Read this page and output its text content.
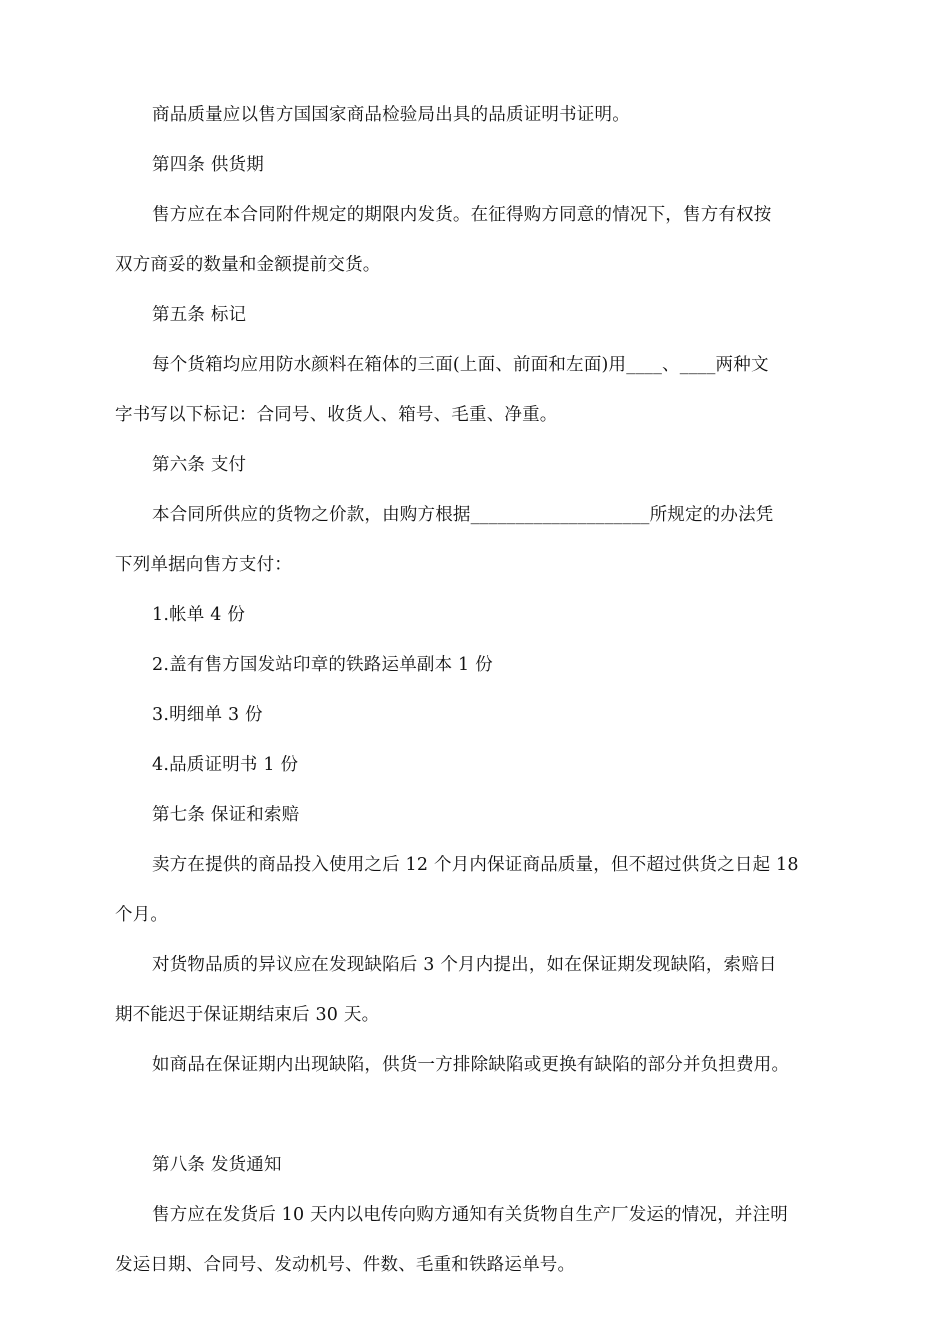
商品质量应以售方国国家商品检验局出具的品质证明书证明。
第四条 供货期
售方应在本合同附件规定的期限内发货。在征得购方同意的情况下，售方有权按
双方商妥的数量和金额提前交货。
第五条 标记
每个货箱均应用防水颜料在箱体的三面(上面、前面和左面)用____、____两种文
字书写以下标记：合同号、收货人、箱号、毛重、净重。
第六条 支付
本合同所供应的货物之价款，由购方根据____________________所规定的办法凭
下列单据向售方支付：
1.帐单 4 份
2.盖有售方国发站印章的铁路运单副本 1 份
3.明细单 3 份
4.品质证明书 1 份
第七条 保证和索赔
卖方在提供的商品投入使用之后 12 个月内保证商品质量，但不超过供货之日起 18
个月。
对货物品质的异议应在发现缺陷后 3 个月内提出，如在保证期发现缺陷，索赔日
期不能迟于保证期结束后 30 天。
如商品在保证期内出现缺陷，供货一方排除缺陷或更换有缺陷的部分并负担费用。
第八条 发货通知
售方应在发货后 10 天内以电传向购方通知有关货物自生产厂发运的情况，并注明
发运日期、合同号、发动机号、件数、毛重和铁路运单号。
